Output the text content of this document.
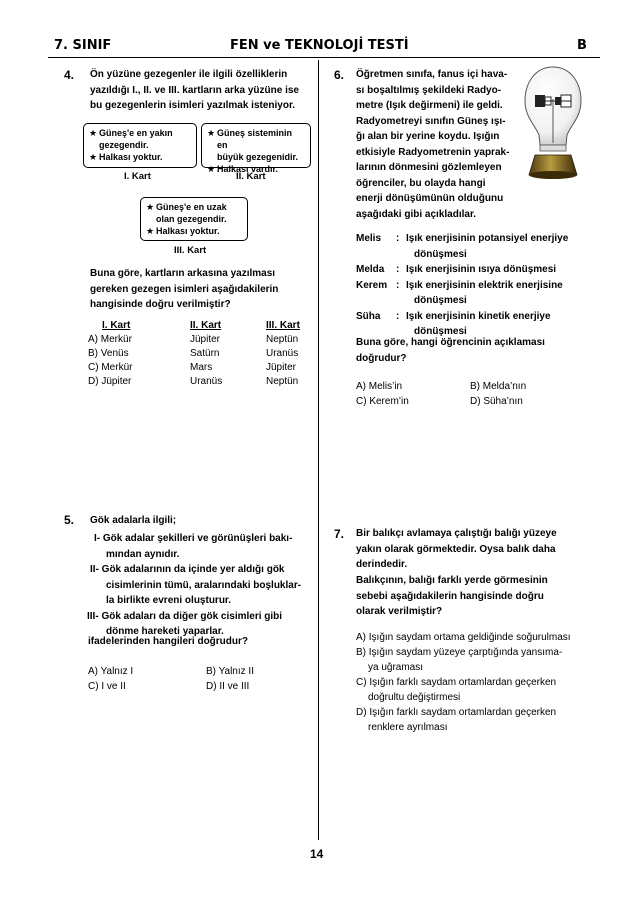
7. SINIF	FEN ve TEKNOLOJİ TESTİ	B
4. Ön yüzüne gezegenler ile ilgili özelliklerin
yazıldığı I., II. ve III. kartların arka yüzüne ise
bu gezegenlerin isimleri yazılmak isteniyor.
★ Güneş'e en yakın
gezegendir.
★ Halkası yoktur.
I. Kart
★ Güneş sisteminin en
büyük gezegenidir.
★ Halkası vardır.
II. Kart
★ Güneş'e en uzak
olan gezegendir.
★ Halkası yoktur.
III. Kart
Buna göre, kartların arkasına yazılması
gereken gezegen isimleri aşağıdakilerin
hangisinde doğru verilmiştir?
I. Kart	II. Kart	III. Kart
A) Merkür	Jüpiter	Neptün
B) Venüs	Satürn	Uranüs
C) Merkür	Mars	Jüpiter
D) Jüpiter	Uranüs	Neptün
5. Gök adalarla ilgili;
I- Gök adalar şekilleri ve görünüşleri bakı-
mından aynıdır.
II- Gök adalarının da içinde yer aldığı gök
cisimlerinin tümü, aralarındaki boşluklar-
la birlikte evreni oluşturur.
III- Gök adaları da diğer gök cisimleri gibi
dönme hareketi yaparlar.
ifadelerinden hangileri doğrudur?
A) Yalnız I	B) Yalnız II
C) I ve II	D) II ve III
6. Öğretmen sınıfa, fanus içi hava-
sı boşaltılmış şekildeki Radyo-
metre (Işık değirmeni) ile geldi.
Radyometreyi sınıfın Güneş ışı-
ğı alan bir yerine koydu. Işığın
etkisiyle Radyometrenin yaprak-
larının dönmesini gözlemleyen
öğrenciler, bu olayda hangi
enerji dönüşümünün olduğunu
aşağıdaki gibi açıkladılar.
Melis	: Işık enerjisinin potansiyel enerjiye
dönüşmesi
Melda	: Işık enerjisinin ısıya dönüşmesi
Kerem : Işık enerjisinin elektrik enerjisine
dönüşmesi
Süha	: Işık enerjisinin kinetik enerjiye
dönüşmesi
Buna göre, hangi öğrencinin açıklaması
doğrudur?
A) Melis’in	B) Melda’nın
C) Kerem’in	D) Süha’nın
7. Bir balıkçı avlamaya çalıştığı balığı yüzeye
yakın olarak görmektedir. Oysa balık daha
derindedir.
Balıkçının, balığı farklı yerde görmesinin
sebebi aşağıdakilerin hangisinde doğru
olarak verilmiştir?
A) Işığın saydam ortama geldiğinde soğurulması
B) Işığın saydam yüzeye çarptığında yansıma-
ya uğraması
C) Işığın farklı saydam ortamlardan geçerken
doğrultu değiştirmesi
D) Işığın farklı saydam ortamlardan geçerken
renklere ayrılması
14
